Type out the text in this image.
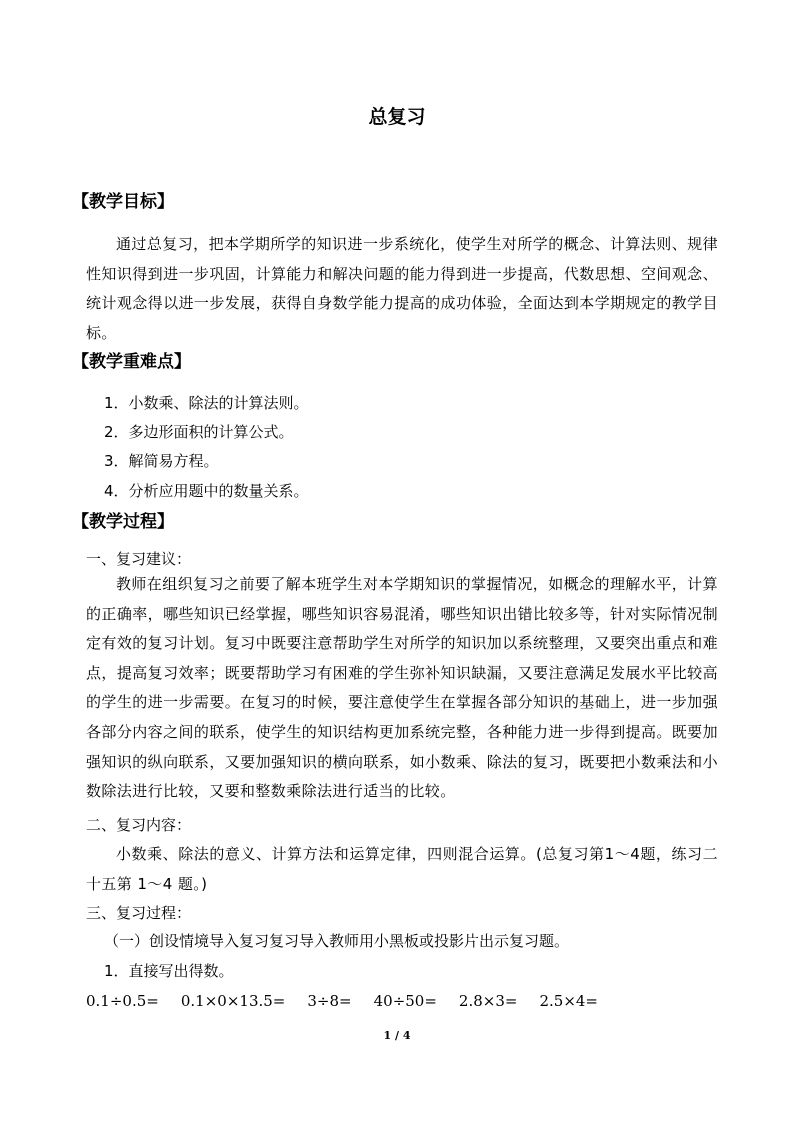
总复习
【教学目标】
通过总复习，把本学期所学的知识进一步系统化，使学生对所学的概念、计算法则、规律性知识得到进一步巩固，计算能力和解决问题的能力得到进一步提高，代数思想、空间观念、统计观念得以进一步发展，获得自身数学能力提高的成功体验，全面达到本学期规定的教学目标。
【教学重难点】
1．小数乘、除法的计算法则。
2．多边形面积的计算公式。
3．解简易方程。
4．分析应用题中的数量关系。
【教学过程】
一、复习建议：
教师在组织复习之前要了解本班学生对本学期知识的掌握情况，如概念的理解水平，计算的正确率，哪些知识已经掌握，哪些知识容易混淆，哪些知识出错比较多等，针对实际情况制定有效的复习计划。复习中既要注意帮助学生对所学的知识加以系统整理，又要突出重点和难点，提高复习效率；既要帮助学习有困难的学生弥补知识缺漏，又要注意满足发展水平比较高的学生的进一步需要。在复习的时候，要注意使学生在掌握各部分知识的基础上，进一步加强各部分内容之间的联系，使学生的知识结构更加系统完整，各种能力进一步得到提高。既要加强知识的纵向联系，又要加强知识的横向联系，如小数乘、除法的复习，既要把小数乘法和小数除法进行比较，又要和整数乘除法进行适当的比较。
二、复习内容：
小数乘、除法的意义、计算方法和运算定律，四则混合运算。(总复习第1～4题，练习二十五第 1～4 题。)
三、复习过程：
（一）创设情境导入复习复习导入教师用小黑板或投影片出示复习题。
1．直接写出得数。
0.1÷0.5= 0.1×0×13.5= 3÷8= 40÷50= 2.8×3= 2.5×4=
1 / 4
